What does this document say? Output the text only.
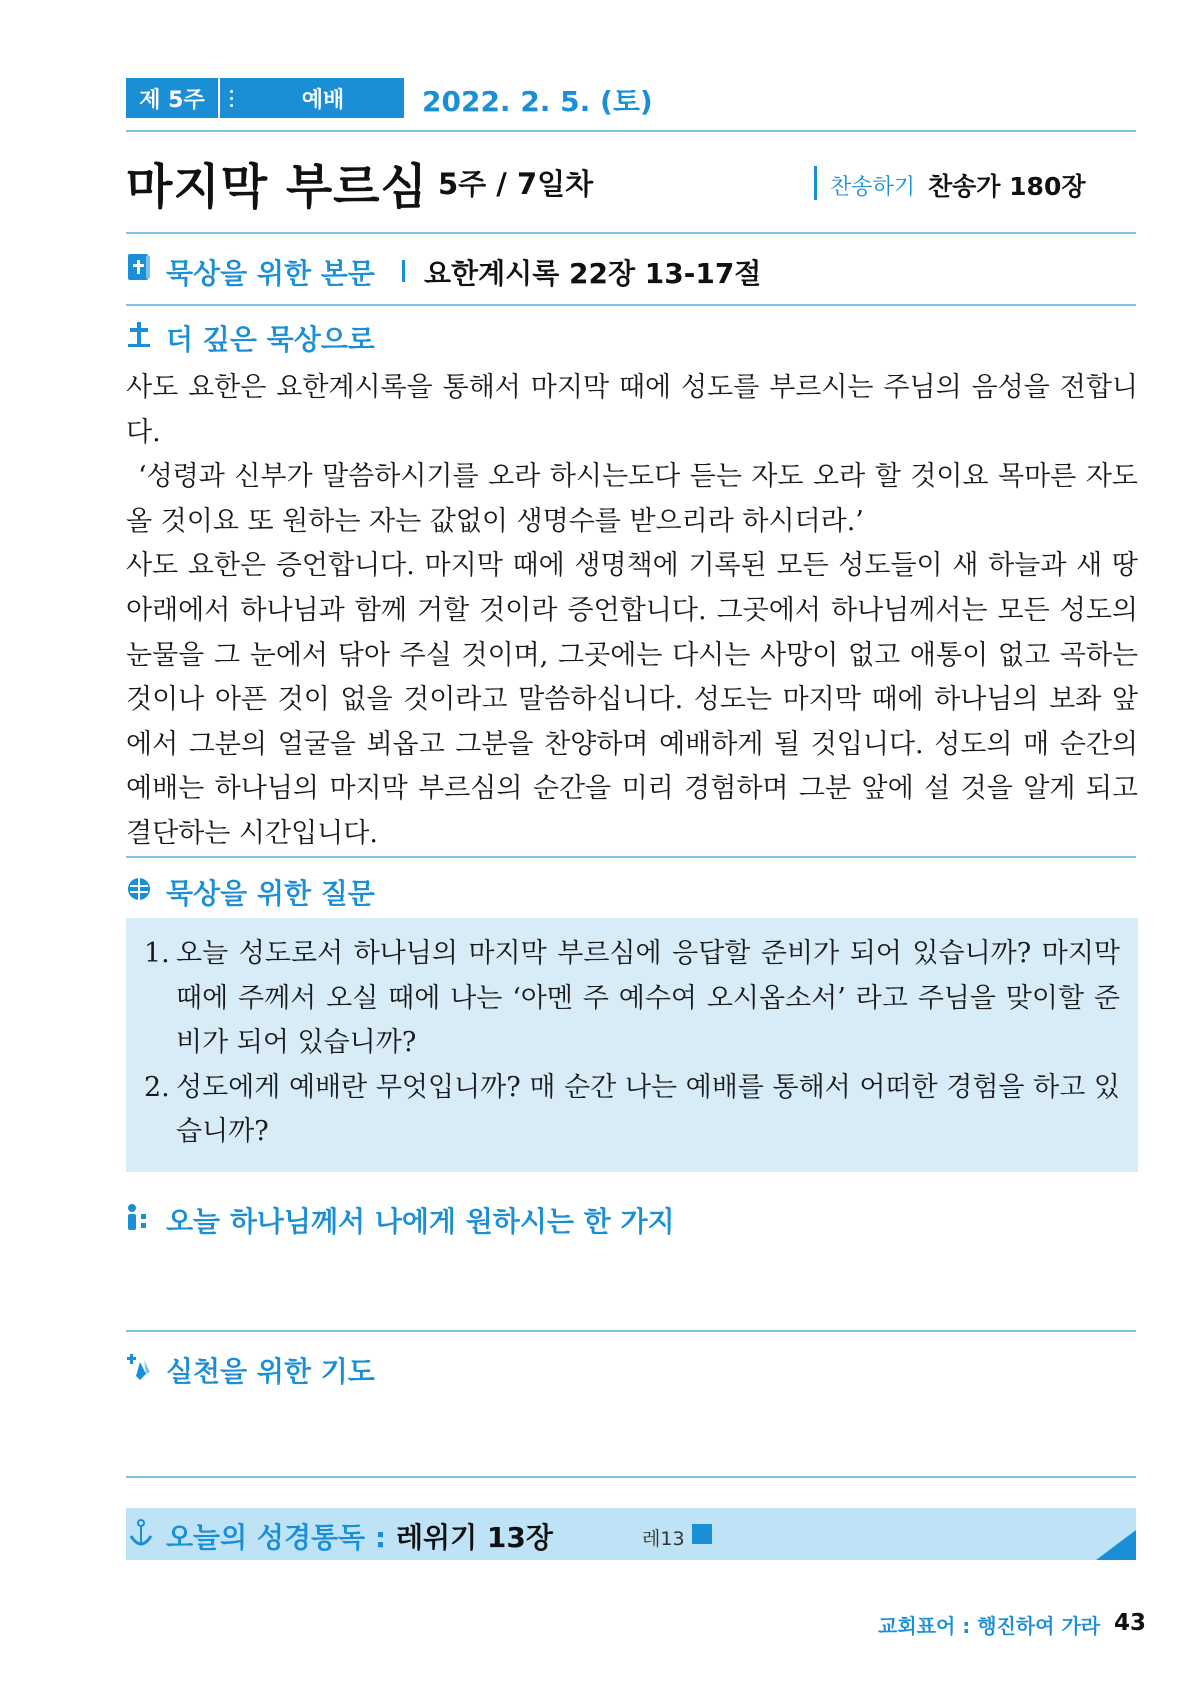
제 5주	예배	2022. 2. 5. (토)
마지막 부르심 5주 / 7일차	찬송하기 찬송가 180장
묵상을 위한 본문 요한계시록 22장 13-17절
더 깊은 묵상으로

사도 요한은 요한계시록을 통해서 마지막 때에 성도를 부르시는 주님의 음성을 전합니다.

‘성령과 신부가 말씀하시기를 오라 하시는도다 듣는 자도 오라 할 것이요 목마른 자도 올 것이요 또 원하는 자는 값없이 생명수를 받으리라 하시더라.’

사도 요한은 증언합니다. 마지막 때에 생명책에 기록된 모든 성도들이 새 하늘과 새 땅 아래에서 하나님과 함께 거할 것이라 증언합니다. 그곳에서 하나님께서는 모든 성도의 눈물을 그 눈에서 닦아 주실 것이며, 그곳에는 다시는 사망이 없고 애통이 없고 곡하는 것이나 아픈 것이 없을 것이라고 말씀하십니다. 성도는 마지막 때에 하나님의 보좌 앞에서 그분의 얼굴을 뵈옵고 그분을 찬양하며 예배하게 될 것입니다. 성도의 매 순간의 예배는 하나님의 마지막 부르심의 순간을 미리 경험하며 그분 앞에 설 것을 알게 되고 결단하는 시간입니다.

묵상을 위한 질문
1. 오늘 성도로서 하나님의 마지막 부르심에 응답할 준비가 되어 있습니까? 마지막 때에 주께서 오실 때에 나는 ‘아멘 주 예수여 오시옵소서’ 라고 주님을 맞이할 준비가 되어 있습니까?
2. 성도에게 예배란 무엇입니까? 매 순간 나는 예배를 통해서 어떠한 경험을 하고 있습니까?
오늘 하나님께서 나에게 원하시는 한 가지
실천을 위한 기도
오늘의 성경통독 : 레위기 13장	레13
교회표어 : 행진하여 가라 43
